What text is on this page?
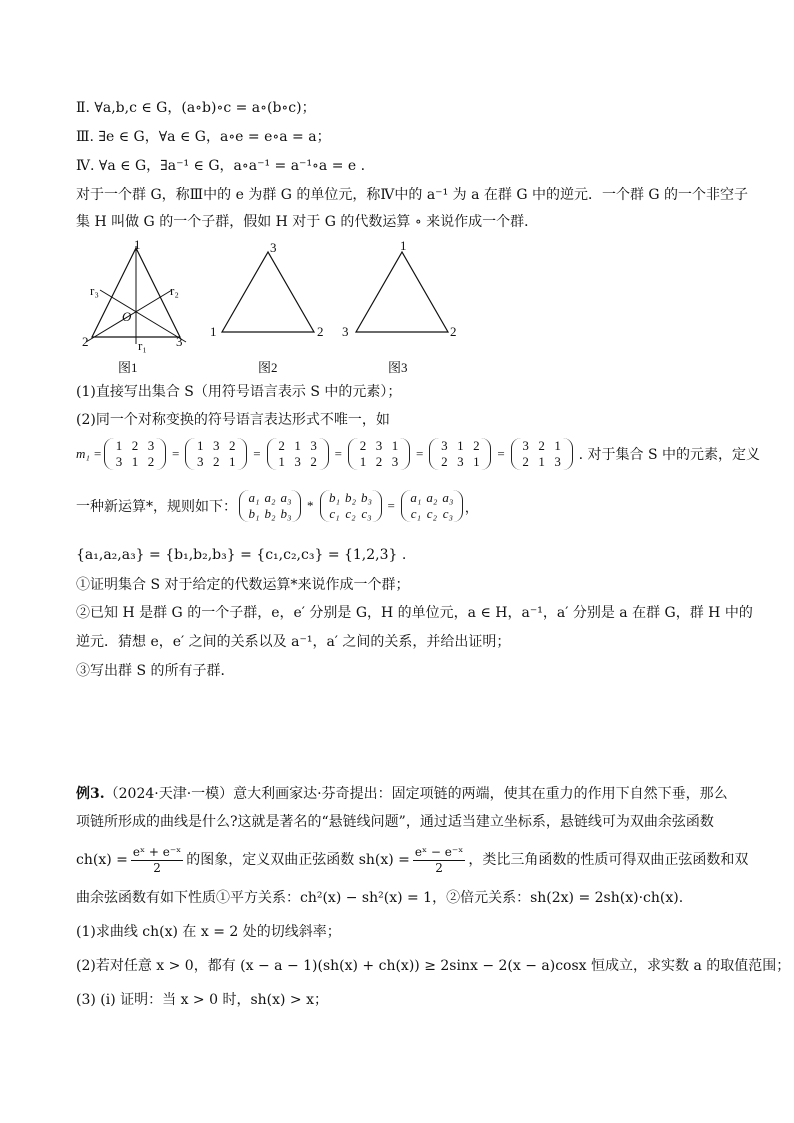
Ⅱ. ∀a,b,c ∈ G，(a∘b)∘c = a∘(b∘c)；
Ⅲ. ∃e ∈ G，∀a ∈ G，a∘e = e∘a = a；
Ⅳ. ∀a ∈ G，∃a⁻¹ ∈ G，a∘a⁻¹ = a⁻¹∘a = e .
对于一个群 G，称Ⅲ中的 e 为群 G 的单位元，称Ⅳ中的 a⁻¹ 为 a 在群 G 中的逆元．一个群 G 的一个非空子
集 H 叫做 G 的一个子群，假如 H 对于 G 的代数运算 ∘ 来说作成一个群．
1
2	3
r₁
r₂
r₃
O
图1
3
1	2
图2
1
3	2
图3
(1)直接写出集合 S（用符号语言表示 S 中的元素）；
(2)同一个对称变换的符号语言表达形式不唯一，如
m₁ =
1 2 3
3 1 2
=
1 3 2
3 2 1
=
2 1 3
1 3 2
=
2 3 1
1 2 3
=
3 1 2
2 3 1
=
3 2 1
2 1 3	. 对于集合 S 中的元素，定义
一种新运算*，规则如下：
a₁ a₂ a₃
b₁ b₂ b₃
*
b₁ b₂ b₃
c₁ c₂ c₃
=
a₁ a₂ a₃
c₁ c₂ c₃ ，
{a₁,a₂,a₃} = {b₁,b₂,b₃} = {c₁,c₂,c₃} = {1,2,3} .
①证明集合 S 对于给定的代数运算*来说作成一个群；
②已知 H 是群 G 的一个子群，e，e′ 分别是 G，H 的单位元，a ∈ H，a⁻¹，a′ 分别是 a 在群 G，群 H 中的
逆元．猜想 e，e′ 之间的关系以及 a⁻¹，a′ 之间的关系，并给出证明；
③写出群 S 的所有子群．
例3.（2024·天津·一模）意大利画家达·芬奇提出：固定项链的两端，使其在重力的作用下自然下垂，那么
项链所形成的曲线是什么?这就是著名的“悬链线问题”，通过适当建立坐标系，悬链线可为双曲余弦函数
$ch(x) = \frac{\text{eˣ + e⁻ˣ}}{2}$ 的图象，定义双曲正弦函数 $sh(x) = \frac{\text{eˣ − e⁻ˣ}}{2}$ ，类比三角函数的性质可得双曲正弦函数和双
曲余弦函数有如下性质①平方关系：ch²(x) − sh²(x) = 1，②倍元关系：sh(2x) = 2sh(x)·ch(x).
(1)求曲线 ch(x) 在 x = 2 处的切线斜率；
(2)若对任意 x > 0，都有 (x − a − 1)(sh(x) + ch(x)) ≥ 2sinx − 2(x − a)cosx 恒成立，求实数 a 的取值范围；
(3) (i) 证明：当 x > 0 时，sh(x) > x；
